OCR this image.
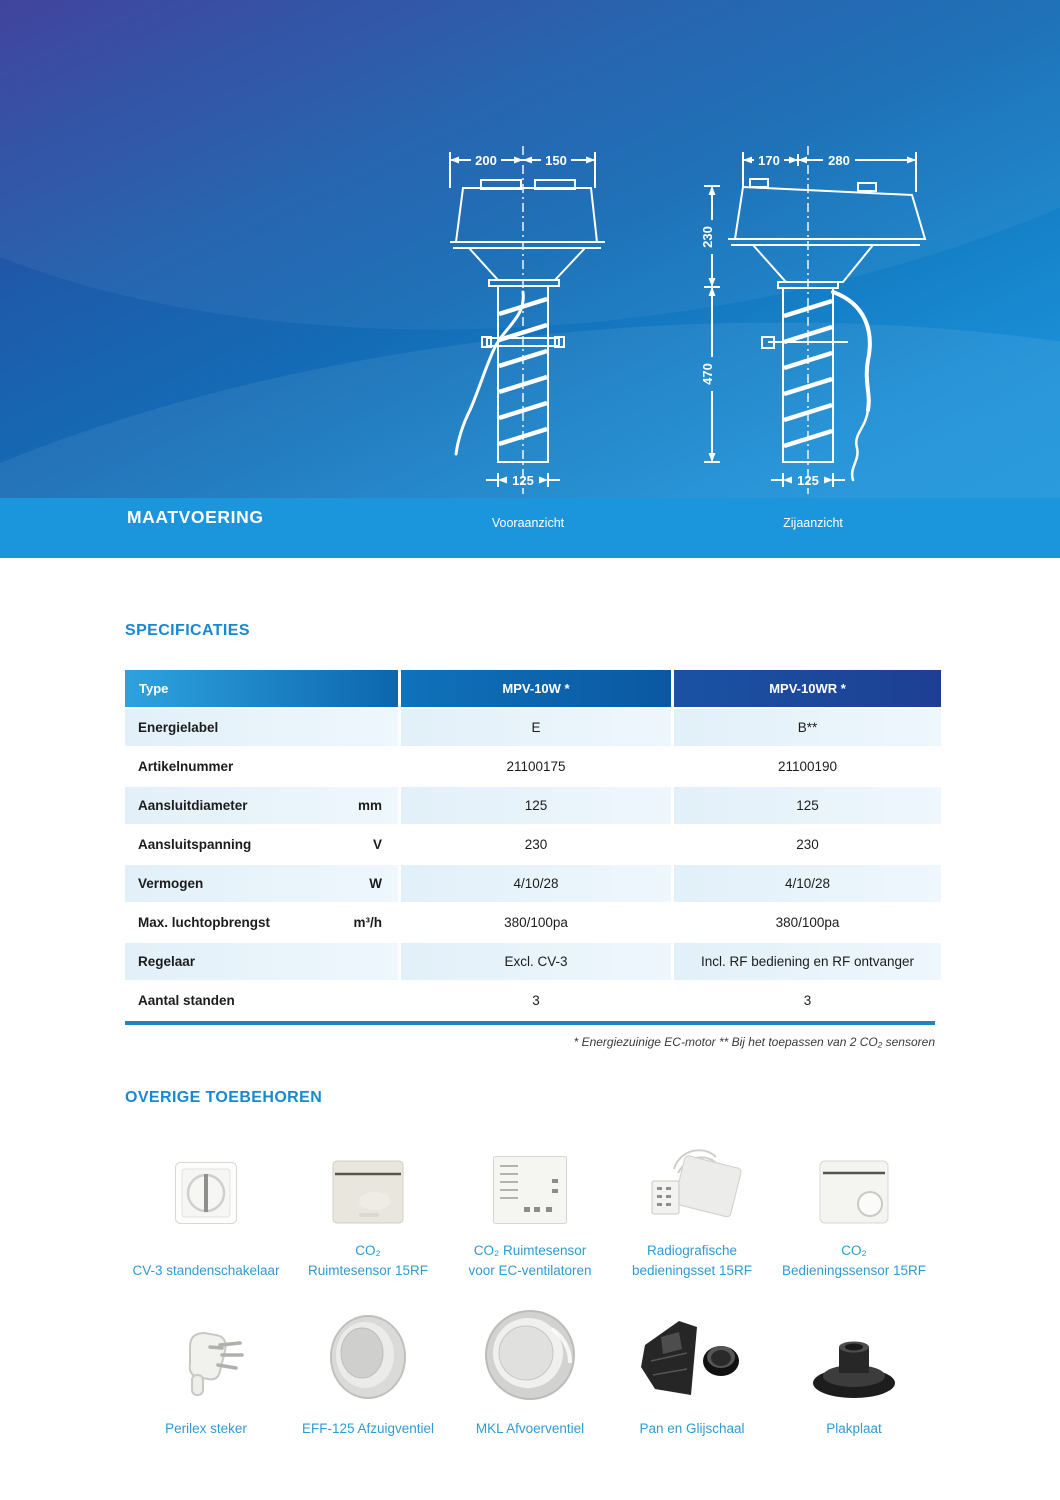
200	150
125
170	280
230
470
125
MAATVOERING	Vooraanzicht	Zijaanzicht
SPECIFICATIES
Type	MPV-10W *	MPV-10WR *
Energielabel	E	B**
Artikelnummer	21100175	21100190
Aansluitdiameter	mm	125	125
Aansluitspanning	V	230	230
Vermogen	W	4/10/28	4/10/28
Max. luchtopbrengst	m³/h	380/100pa	380/100pa
Regelaar	Excl. CV-3	Incl. RF bediening en RF ontvanger
Aantal standen	3	3
* Energiezuinige EC-motor ** Bij het toepassen van 2 CO₂ sensoren
OVERIGE TOEBEHOREN
CV-3 standenschakelaar
CO₂
Ruimtesensor 15RF
CO₂ Ruimtesensor
voor EC-ventilatoren
Radiografische
bedieningsset 15RF
CO₂
Bedieningssensor 15RF
Perilex steker	EFF-125 Afzuigventiel	MKL Afvoerventiel	Pan en Glijschaal	Plakplaat
